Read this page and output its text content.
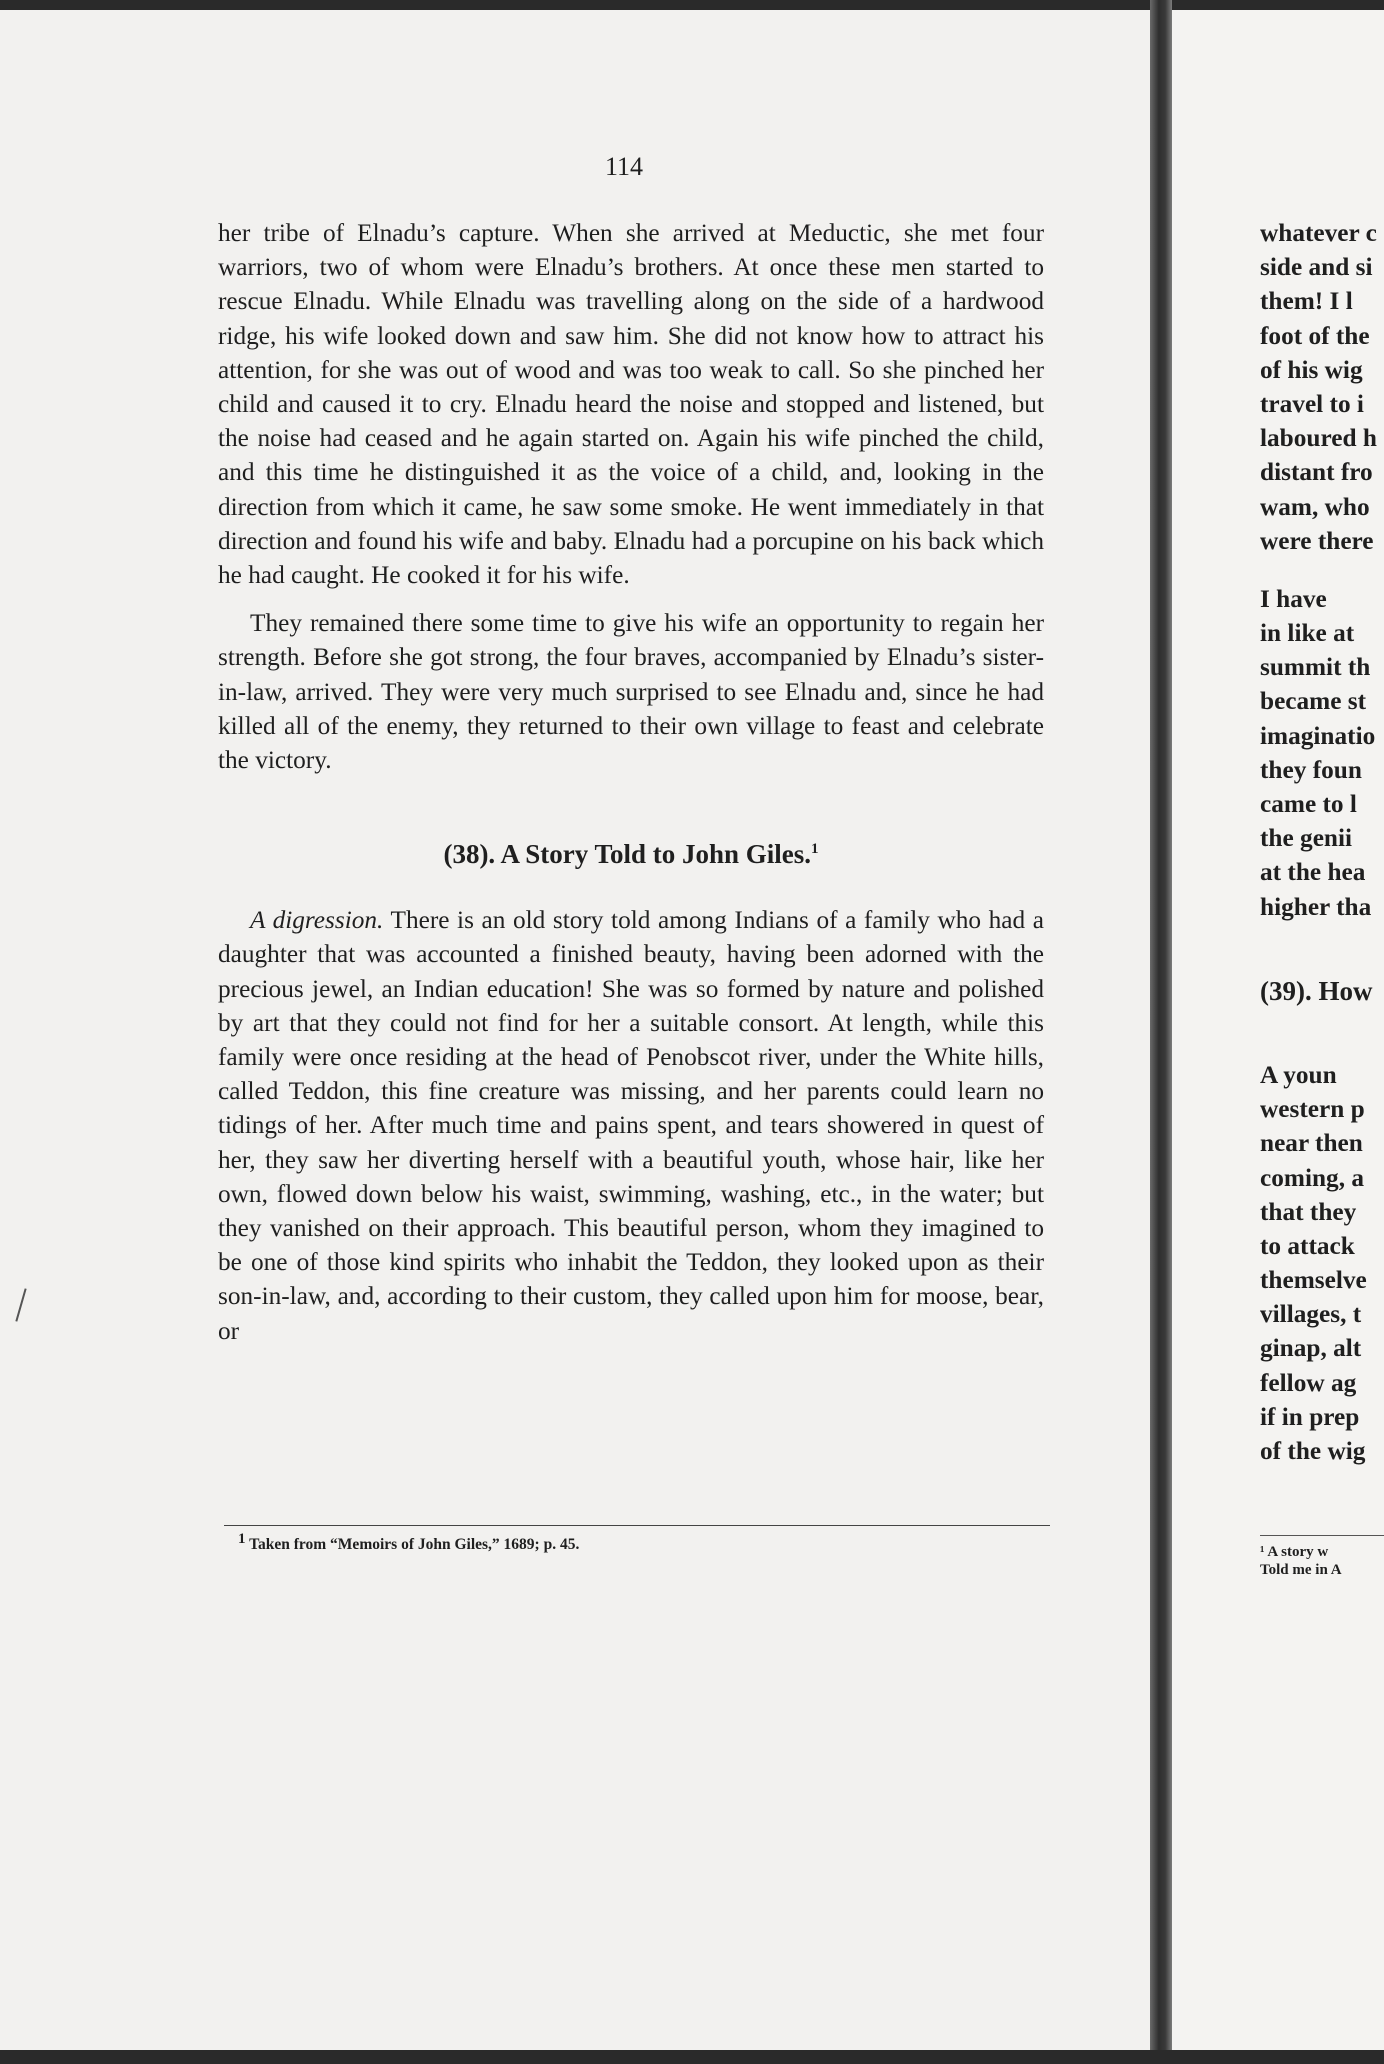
whatever c
side and si
them! I l
foot of the
of his wig
travel to i
laboured h
distant fro
wam, who
were there
I have
in like at
summit th
became st
imaginatio
they foun
came to l
the genii
at the hea
higher tha
(39). How
A youn
western p
near then
coming, a
that they
to attack
themselve
villages, t
ginap, alt
fellow ag
if in prep
of the wig
¹ A story w
Told me in A
114

her tribe of Elnadu’s capture. When she arrived at Meductic, she met four warriors, two of whom were Elnadu’s brothers. At once these men started to rescue Elnadu. While Elnadu was travelling along on the side of a hardwood ridge, his wife looked down and saw him. She did not know how to attract his attention, for she was out of wood and was too weak to call. So she pinched her child and caused it to cry. Elnadu heard the noise and stopped and listened, but the noise had ceased and he again started on. Again his wife pinched the child, and this time he distinguished it as the voice of a child, and, looking in the direction from which it came, he saw some smoke. He went immediately in that direction and found his wife and baby. Elnadu had a porcupine on his back which he had caught. He cooked it for his wife.

They remained there some time to give his wife an opportunity to regain her strength. Before she got strong, the four braves, accompanied by Elnadu’s sister-in-law, arrived. They were very much surprised to see Elnadu and, since he had killed all of the enemy, they returned to their own village to feast and celebrate the victory.

(38). A Story Told to John Giles.$^1$

A digression. There is an old story told among Indians of a family who had a daughter that was accounted a finished beauty, having been adorned with the precious jewel, an Indian education! She was so formed by nature and polished by art that they could not find for her a suitable consort. At length, while this family were once residing at the head of Penobscot river, under the White hills, called Teddon, this fine creature was missing, and her parents could learn no tidings of her. After much time and pains spent, and tears showered in quest of her, they saw her diverting herself with a beautiful youth, whose hair, like her own, flowed down below his waist, swimming, washing, etc., in the water; but they vanished on their approach. This beautiful person, whom they imagined to be one of those kind spirits who inhabit the Teddon, they looked upon as their son-in-law, and, according to their custom, they called upon him for moose, bear, or

$^1$ Taken from “Memoirs of John Giles,” 1689; p. 45.
